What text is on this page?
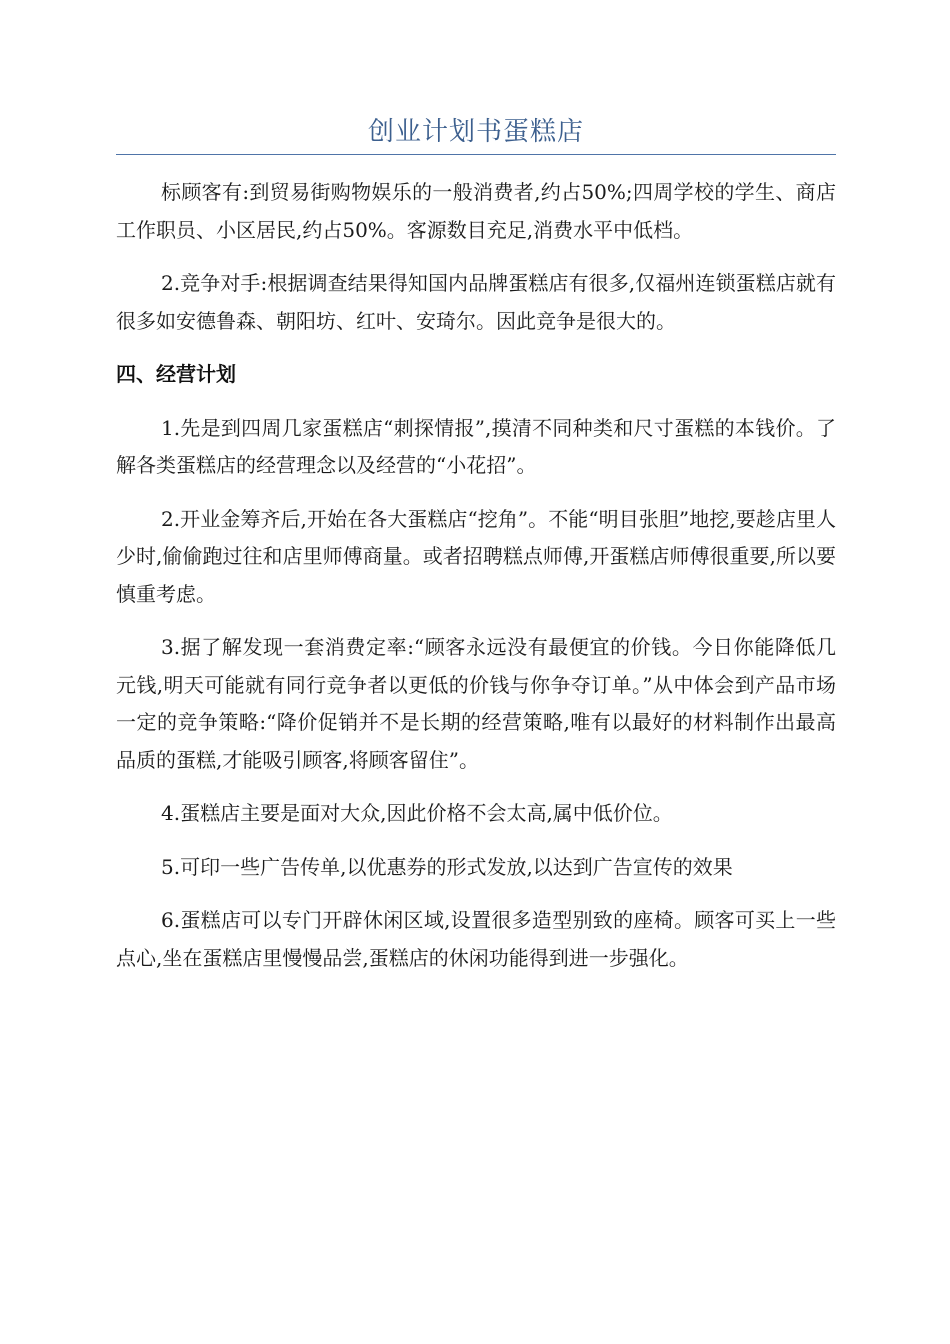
创业计划书蛋糕店

标顾客有:到贸易街购物娱乐的一般消费者,约占50%;四周学校的学生、商店工作职员、小区居民,约占50%。客源数目充足,消费水平中低档。

2.竞争对手:根据调查结果得知国内品牌蛋糕店有很多,仅福州连锁蛋糕店就有很多如安德鲁森、朝阳坊、红叶、安琦尔。因此竞争是很大的。

四、经营计划

1.先是到四周几家蛋糕店“刺探情报”,摸清不同种类和尺寸蛋糕的本钱价。了解各类蛋糕店的经营理念以及经营的“小花招”。

2.开业金筹齐后,开始在各大蛋糕店“挖角”。不能“明目张胆”地挖,要趁店里人少时,偷偷跑过往和店里师傅商量。或者招聘糕点师傅,开蛋糕店师傅很重要,所以要慎重考虑。

3.据了解发现一套消费定率:“顾客永远没有最便宜的价钱。今日你能降低几元钱,明天可能就有同行竞争者以更低的价钱与你争夺订单。”从中体会到产品市场一定的竞争策略:“降价促销并不是长期的经营策略,唯有以最好的材料制作出最高品质的蛋糕,才能吸引顾客,将顾客留住”。

4.蛋糕店主要是面对大众,因此价格不会太高,属中低价位。

5.可印一些广告传单,以优惠券的形式发放,以达到广告宣传的效果

6.蛋糕店可以专门开辟休闲区域,设置很多造型别致的座椅。顾客可买上一些点心,坐在蛋糕店里慢慢品尝,蛋糕店的休闲功能得到进一步强化。
